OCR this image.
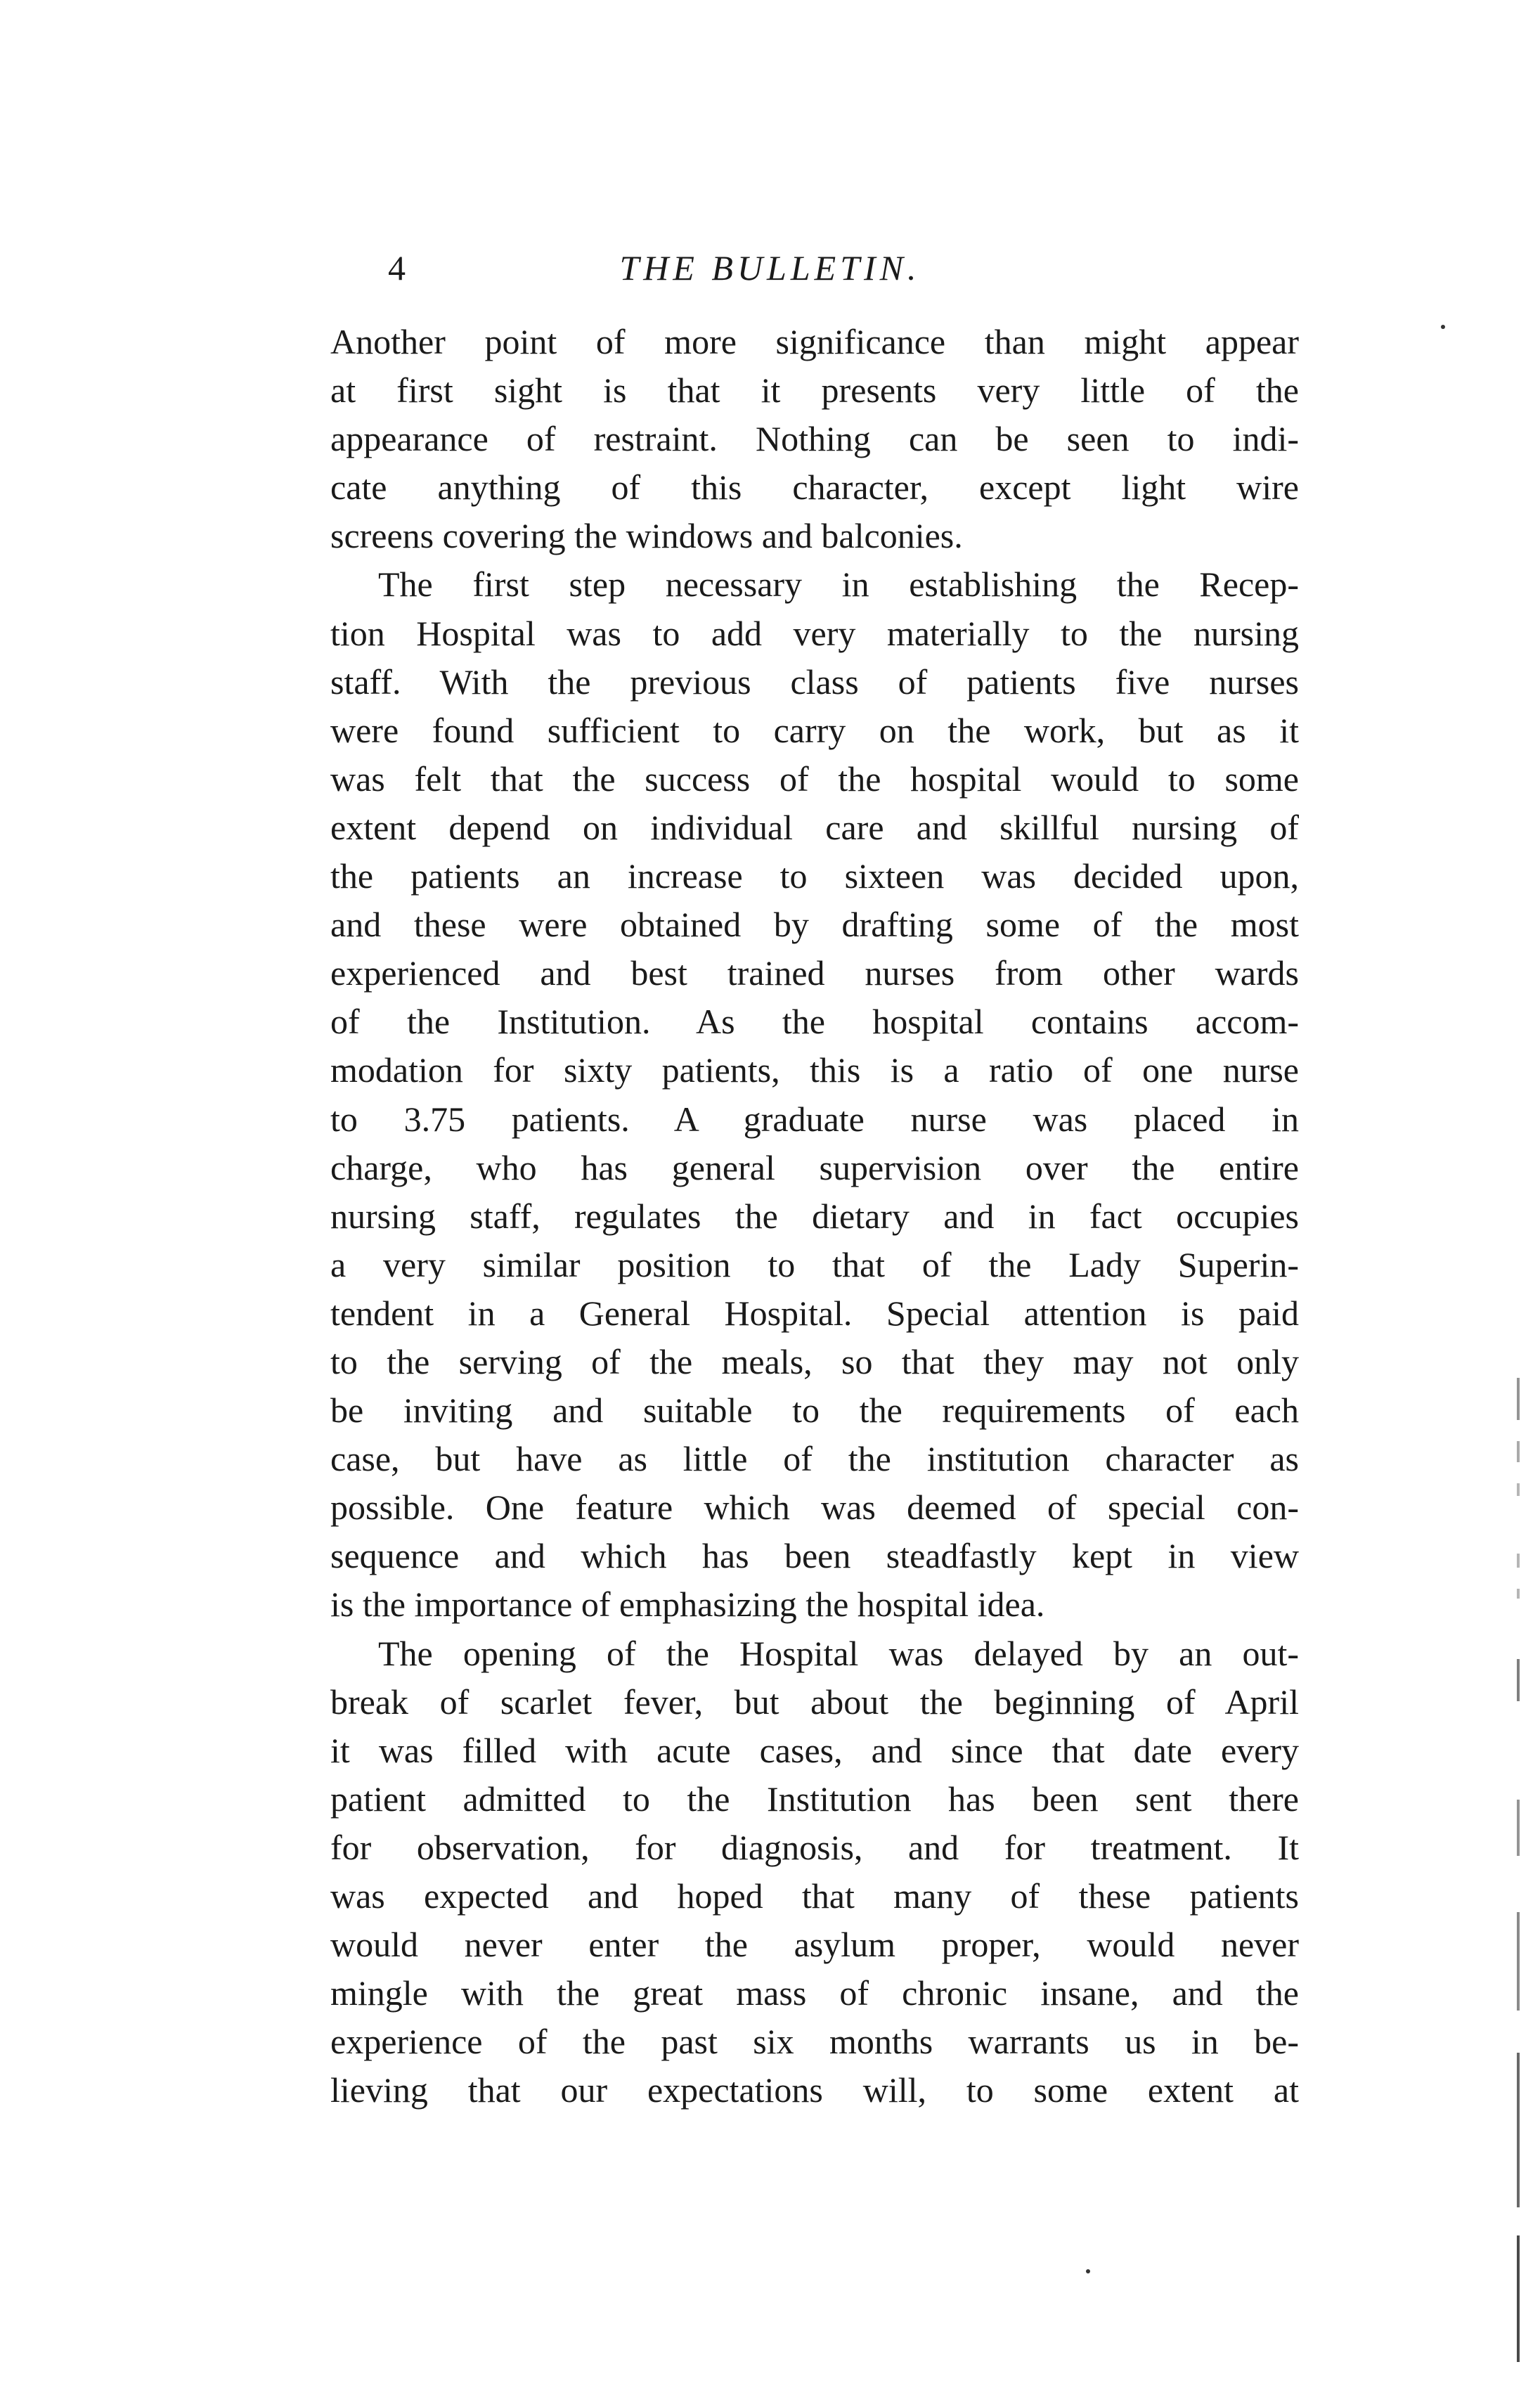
4	THE BULLETIN.
Another point of more significance than might appear
at first sight is that it presents very little of the
appearance of restraint. Nothing can be seen to indi-
cate anything of this character, except light wire
screens covering the windows and balconies.
The first step necessary in establishing the Recep-
tion Hospital was to add very materially to the nursing
staff. With the previous class of patients five nurses
were found sufficient to carry on the work, but as it
was felt that the success of the hospital would to some
extent depend on individual care and skillful nursing of
the patients an increase to sixteen was decided upon,
and these were obtained by drafting some of the most
experienced and best trained nurses from other wards
of the Institution. As the hospital contains accom-
modation for sixty patients, this is a ratio of one nurse
to 3.75 patients. A graduate nurse was placed in
charge, who has general supervision over the entire
nursing staff, regulates the dietary and in fact occupies
a very similar position to that of the Lady Superin-
tendent in a General Hospital. Special attention is paid
to the serving of the meals, so that they may not only
be inviting and suitable to the requirements of each
case, but have as little of the institution character as
possible. One feature which was deemed of special con-
sequence and which has been steadfastly kept in view
is the importance of emphasizing the hospital idea.
The opening of the Hospital was delayed by an out-
break of scarlet fever, but about the beginning of April
it was filled with acute cases, and since that date every
patient admitted to the Institution has been sent there
for observation, for diagnosis, and for treatment. It
was expected and hoped that many of these patients
would never enter the asylum proper, would never
mingle with the great mass of chronic insane, and the
experience of the past six months warrants us in be-
lieving that our expectations will, to some extent at
